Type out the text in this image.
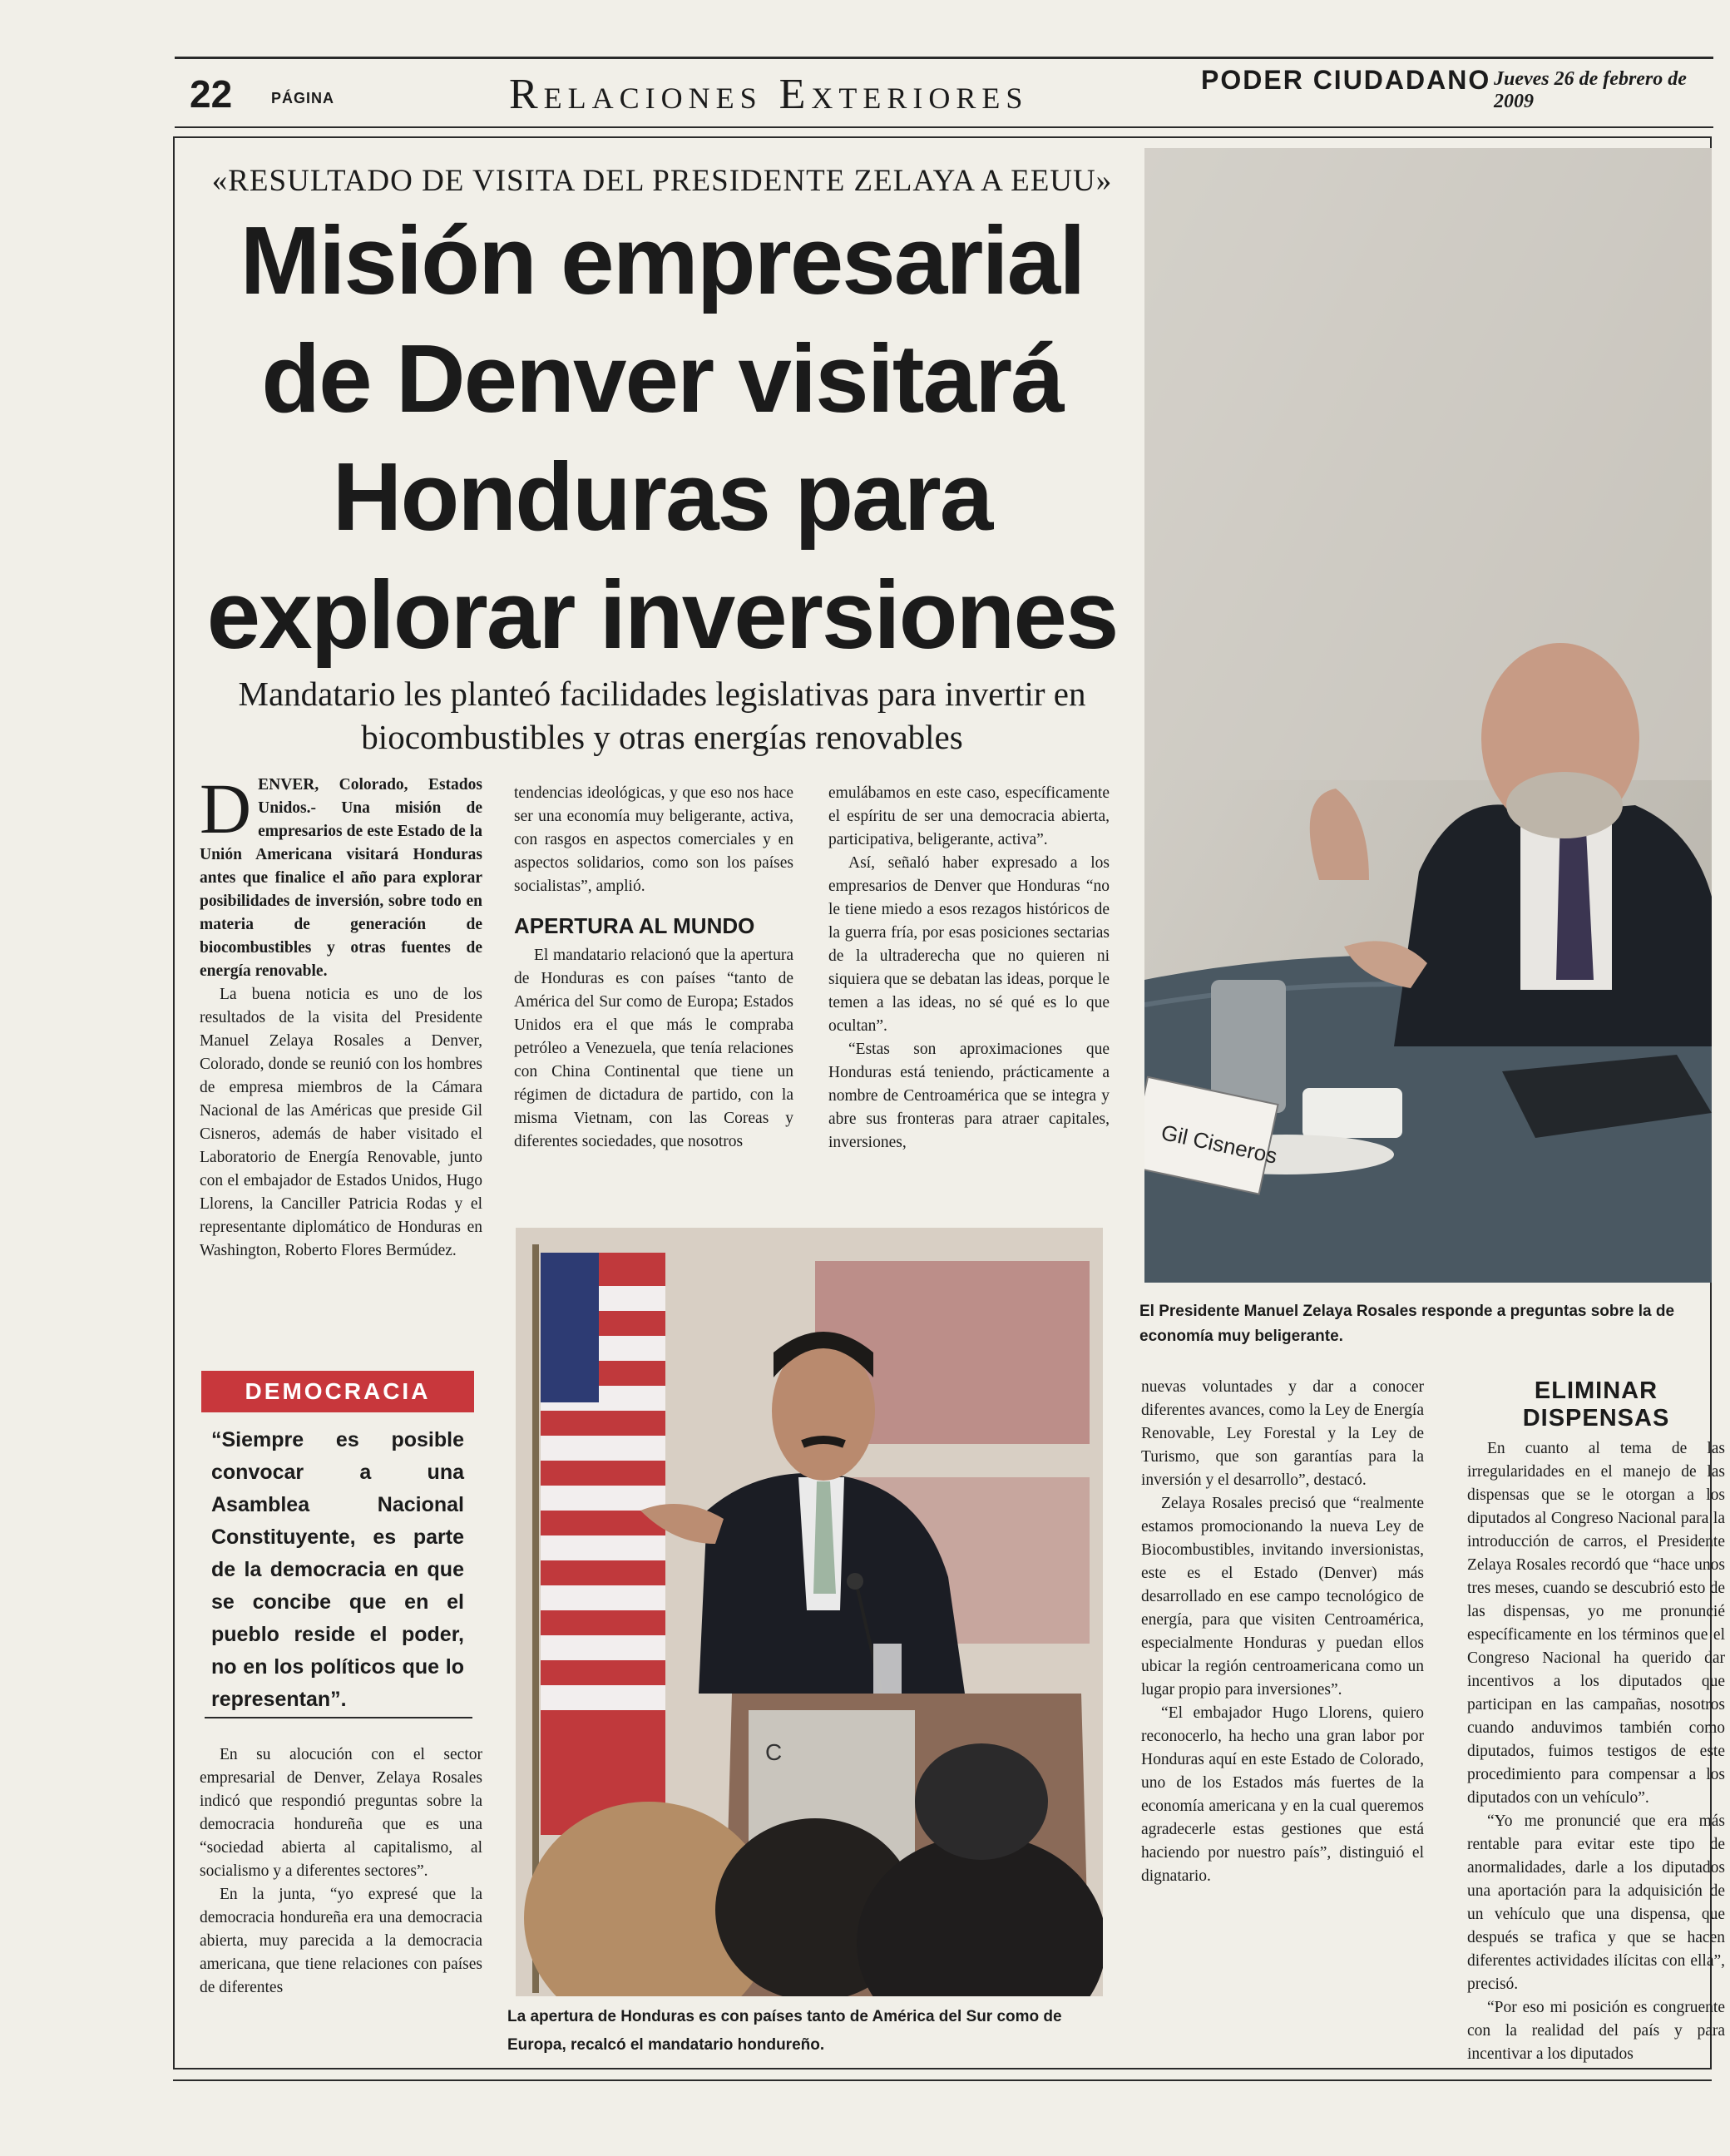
22	PÁGINA	Relaciones Exteriores	PODER CIUDADANO Jueves 26 de febrero de 2009
«RESULTADO DE VISITA DEL PRESIDENTE ZELAYA A EEUU»
Misión empresarial
de Denver visitará
Honduras para
explorar inversiones
Mandatario les planteó facilidades legislativas para invertir en biocombustibles y otras energías renovables

DENVER, Colorado, Estados Unidos.- Una misión de empresarios de este Estado de la Unión Americana visitará Honduras antes que finalice el año para explorar posibilidades de inversión, sobre todo en materia de generación de biocombustibles y otras fuentes de energía renovable.

La buena noticia es uno de los resultados de la visita del Presidente Manuel Zelaya Rosales a Denver, Colorado, donde se reunió con los hombres de empresa miembros de la Cámara Nacional de las Américas que preside Gil Cisneros, además de haber visitado el Laboratorio de Energía Renovable, junto con el embajador de Estados Unidos, Hugo Llorens, la Canciller Patricia Rodas y el representante diplomático de Honduras en Washington, Roberto Flores Bermúdez.

DEMOCRACIA
“Siempre es posible convocar a una Asamblea Nacional Constituyente, es parte de la democracia en que se concibe que en el pueblo reside el poder, no en los políticos que lo representan”.

En su alocución con el sector empresarial de Denver, Zelaya Rosales indicó que respondió preguntas sobre la democracia hondureña que es una “sociedad abierta al capitalismo, al socialismo y a diferentes sectores”.

En la junta, “yo expresé que la democracia hondureña era una democracia abierta, muy parecida a la democracia americana, que tiene relaciones con países de diferentes

tendencias ideológicas, y que eso nos hace ser una economía muy beligerante, activa, con rasgos en aspectos comerciales y en aspectos solidarios, como son los países socialistas”, amplió.

APERTURA AL MUNDO

El mandatario relacionó que la apertura de Honduras es con países “tanto de América del Sur como de Europa; Estados Unidos era el que más le compraba petróleo a Venezuela, que tenía relaciones con China Continental que tiene un régimen de dictadura de partido, con la misma Vietnam, con las Coreas y diferentes sociedades, que nosotros

emulábamos en este caso, específicamente el espíritu de ser una democracia abierta, participativa, beligerante, activa”.

Así, señaló haber expresado a los empresarios de Denver que Honduras “no le tiene miedo a esos rezagos históricos de la guerra fría, por esas posiciones sectarias de la ultraderecha que no quieren ni siquiera que se debatan las ideas, porque le temen a las ideas, no sé qué es lo que ocultan”.

“Estas son aproximaciones que Honduras está teniendo, prácticamente a nombre de Centroamérica que se integra y abre sus fronteras para atraer capitales, inversiones,	Gil Cisneros
El Presidente Manuel Zelaya Rosales responde a preguntas sobre la de economía muy beligerante.
C
La apertura de Honduras es con países tanto de América del Sur como de Europa, recalcó el mandatario hondureño.

nuevas voluntades y dar a conocer diferentes avances, como la Ley de Energía Renovable, Ley Forestal y la Ley de Turismo, que son garantías para la inversión y el desarrollo”, destacó.

Zelaya Rosales precisó que “realmente estamos promocionando la nueva Ley de Biocombustibles, invitando inversionistas, este es el Estado (Denver) más desarrollado en ese campo tecnológico de energía, para que visiten Centroamérica, especialmente Honduras y puedan ellos ubicar la región centroamericana como un lugar propio para inversiones”.

“El embajador Hugo Llorens, quiero reconocerlo, ha hecho una gran labor por Honduras aquí en este Estado de Colorado, uno de los Estados más fuertes de la economía americana y en la cual queremos agradecerle estas gestiones que está haciendo por nuestro país”, distinguió el dignatario.

ELIMINAR DISPENSAS

En cuanto al tema de las irregularidades en el manejo de las dispensas que se le otorgan a los diputados al Congreso Nacional para la introducción de carros, el Presidente Zelaya Rosales recordó que “hace unos tres meses, cuando se descubrió esto de las dispensas, yo me pronuncié específicamente en los términos que el Congreso Nacional ha querido dar incentivos a los diputados que participan en las campañas, nosotros cuando anduvimos también como diputados, fuimos testigos de este procedimiento para compensar a los diputados con un vehículo”.

“Yo me pronuncié que era más rentable para evitar este tipo de anormalidades, darle a los diputados una aportación para la adquisición de un vehículo que una dispensa, que después se trafica y que se hacen diferentes actividades ilícitas con ella”, precisó.

“Por eso mi posición es congruente con la realidad del país y para incentivar a los diputados
